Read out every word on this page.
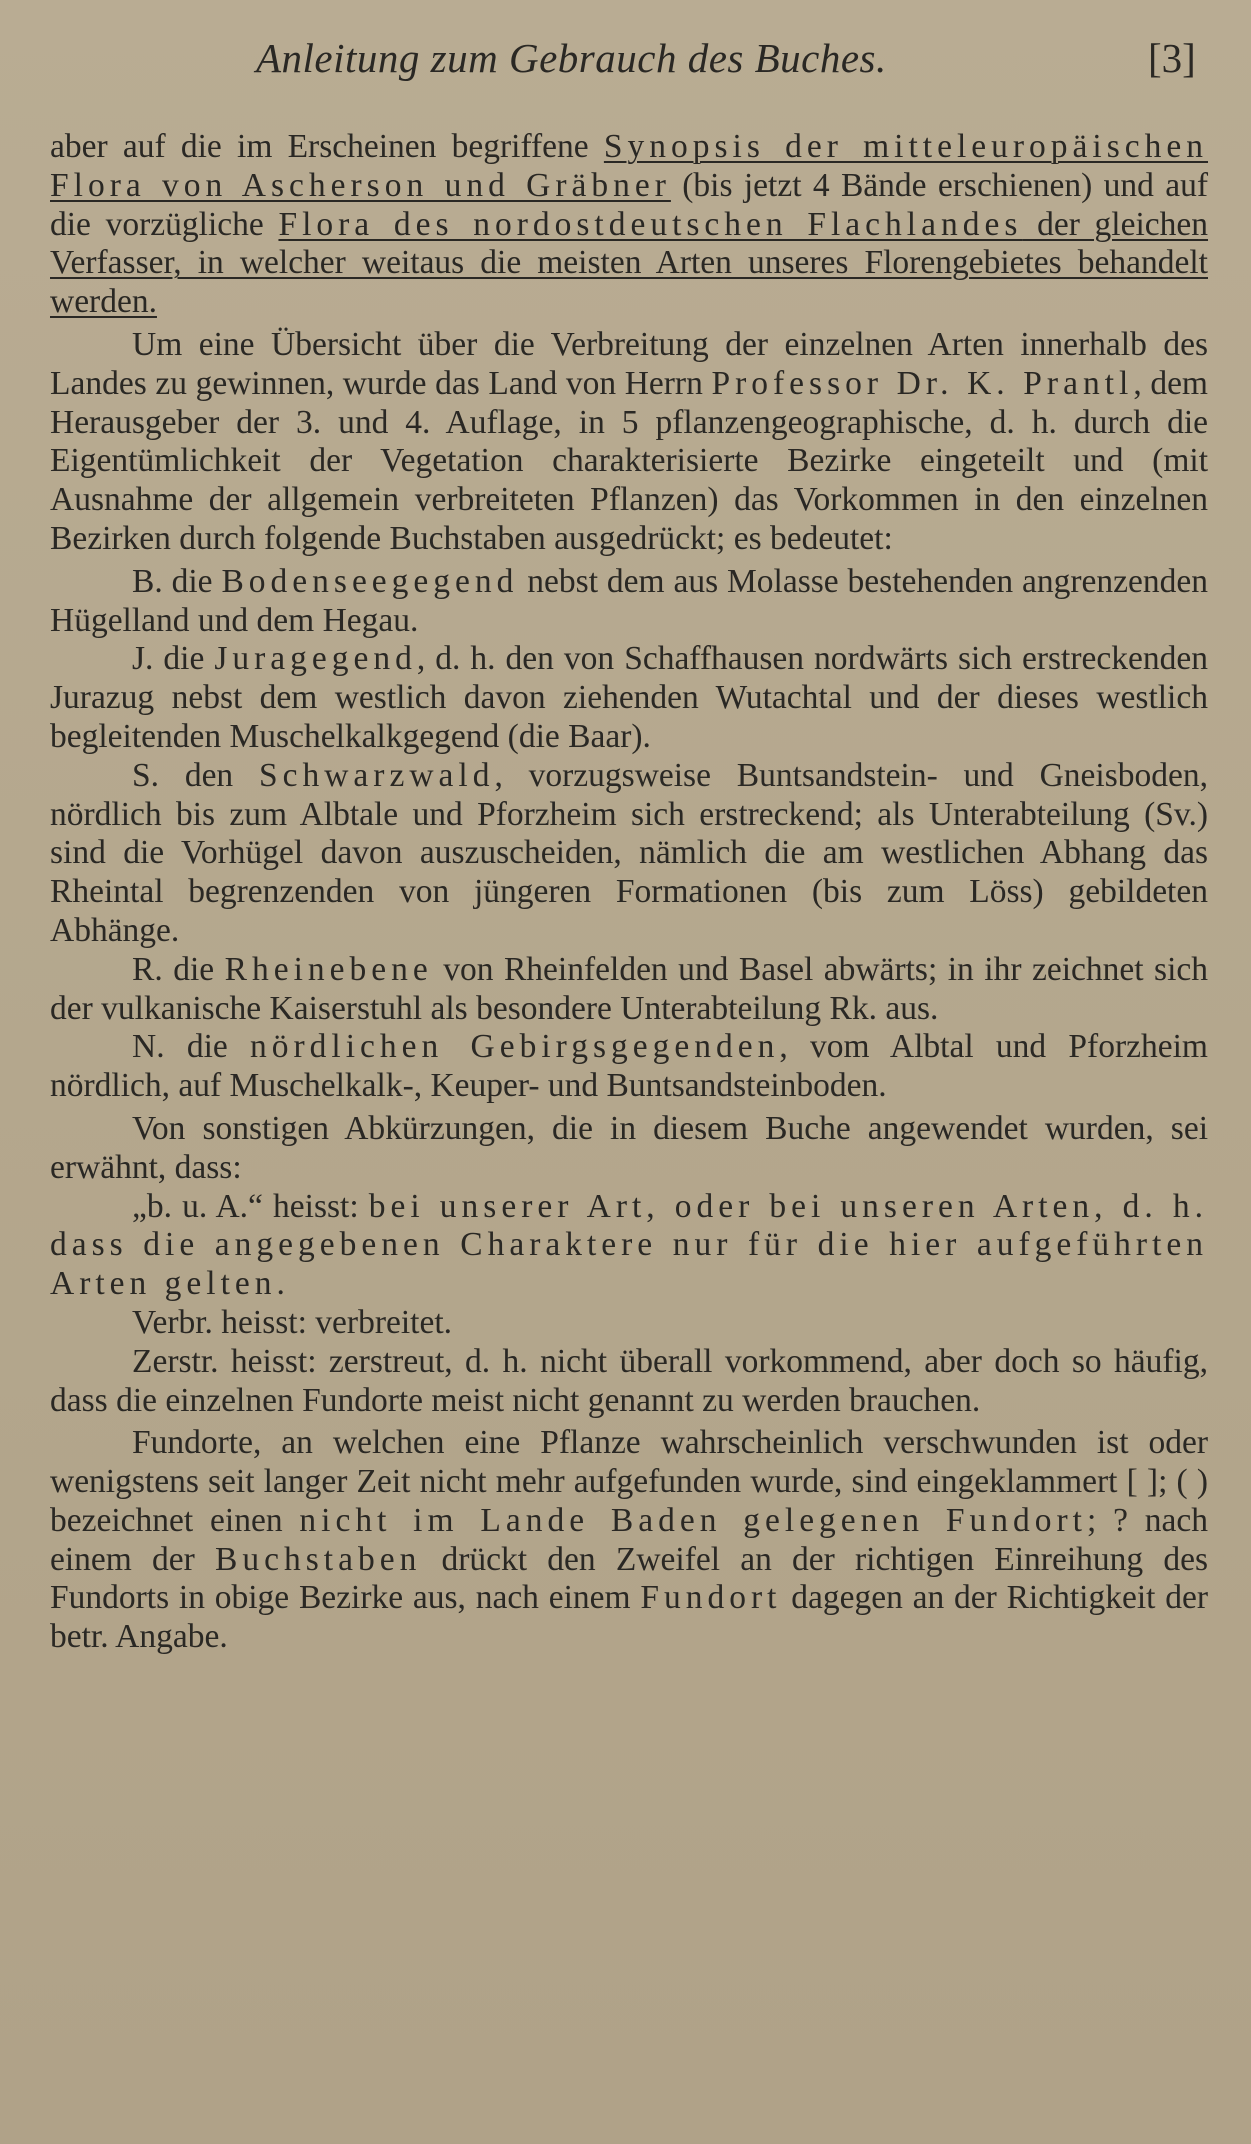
Anleitung zum Gebrauch des Buches.	[3]

aber auf die im Erscheinen begriffene Synopsis der mitteleuropäischen Flora von Ascherson und Gräbner (bis jetzt 4 Bände erschienen) und auf die vorzügliche Flora des nordostdeutschen Flachlandes der gleichen Verfasser, in welcher weitaus die meisten Arten unseres Florengebietes behandelt werden.

Um eine Übersicht über die Verbreitung der einzelnen Arten innerhalb des Landes zu gewinnen, wurde das Land von Herrn Professor Dr. K. Prantl, dem Herausgeber der 3. und 4. Auflage, in 5 pflanzengeographische, d. h. durch die Eigentümlichkeit der Vegetation charakterisierte Bezirke eingeteilt und (mit Ausnahme der allgemein verbreiteten Pflanzen) das Vorkommen in den einzelnen Bezirken durch folgende Buchstaben ausgedrückt; es bedeutet:

B. die Bodenseegegend nebst dem aus Molasse bestehenden angrenzenden Hügelland und dem Hegau.

J. die Juragegend, d. h. den von Schaffhausen nordwärts sich erstreckenden Jurazug nebst dem westlich davon ziehenden Wutachtal und der dieses westlich begleitenden Muschelkalkgegend (die Baar).

S. den Schwarzwald, vorzugsweise Buntsandstein- und Gneisboden, nördlich bis zum Albtale und Pforzheim sich erstreckend; als Unterabteilung (Sv.) sind die Vorhügel davon auszuscheiden, nämlich die am westlichen Abhang das Rheintal begrenzenden von jüngeren Formationen (bis zum Löss) gebildeten Abhänge.

R. die Rheinebene von Rheinfelden und Basel abwärts; in ihr zeichnet sich der vulkanische Kaiserstuhl als besondere Unterabteilung Rk. aus.

N. die nördlichen Gebirgsgegenden, vom Albtal und Pforzheim nördlich, auf Muschelkalk-, Keuper- und Buntsandsteinboden.

Von sonstigen Abkürzungen, die in diesem Buche angewendet wurden, sei erwähnt, dass:

„b. u. A.“ heisst: bei unserer Art, oder bei unseren Arten, d. h. dass die angegebenen Charaktere nur für die hier aufgeführten Arten gelten.

Verbr. heisst: verbreitet.

Zerstr. heisst: zerstreut, d. h. nicht überall vorkommend, aber doch so häufig, dass die einzelnen Fundorte meist nicht genannt zu werden brauchen.

Fundorte, an welchen eine Pflanze wahrscheinlich verschwunden ist oder wenigstens seit langer Zeit nicht mehr aufgefunden wurde, sind eingeklammert [ ]; ( ) bezeichnet einen nicht im Lande Baden gelegenen Fundort; ? nach einem der Buchstaben drückt den Zweifel an der richtigen Einreihung des Fundorts in obige Bezirke aus, nach einem Fundort dagegen an der Richtigkeit der betr. Angabe.
